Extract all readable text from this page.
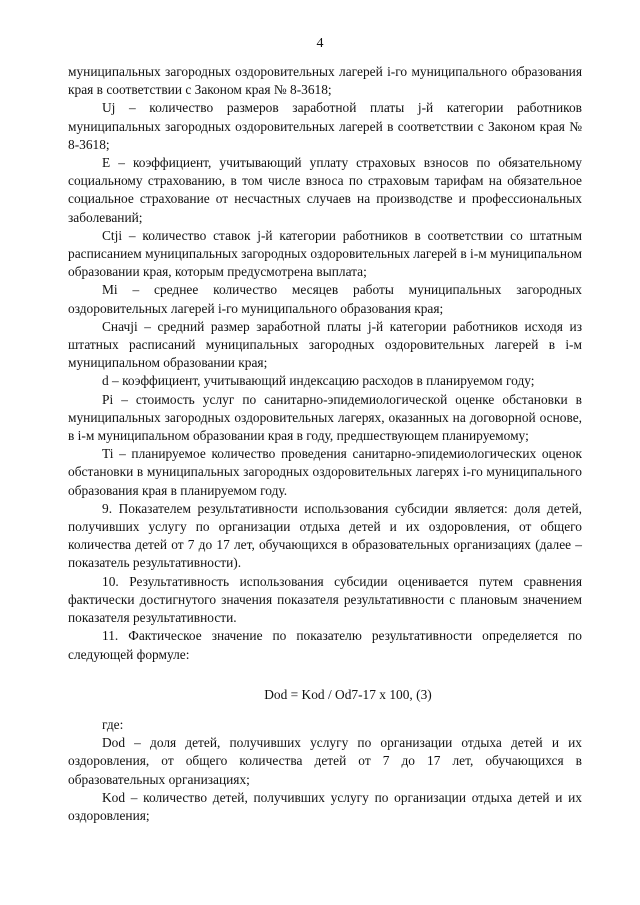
4

муниципальных загородных оздоровительных лагерей i-го муниципального образования края в соответствии с Законом края № 8-3618;

Uj – количество размеров заработной платы j-й категории работников муниципальных загородных оздоровительных лагерей в соответствии с Законом края № 8-3618;

E – коэффициент, учитывающий уплату страховых взносов по обязательному социальному страхованию, в том числе взноса по страховым тарифам на обязательное социальное страхование от несчастных случаев на производстве и профессиональных заболеваний;

Ctji – количество ставок j-й категории работников в соответствии со штатным расписанием муниципальных загородных оздоровительных лагерей в i-м муниципальном образовании края, которым предусмотрена выплата;

Mi – среднее количество месяцев работы муниципальных загородных оздоровительных лагерей i-го муниципального образования края;

Cначji – средний размер заработной платы j-й категории работников исходя из штатных расписаний муниципальных загородных оздоровительных лагерей в i-м муниципальном образовании края;

d – коэффициент, учитывающий индексацию расходов в планируемом году;

Pi – стоимость услуг по санитарно-эпидемиологической оценке обстановки в муниципальных загородных оздоровительных лагерях, оказанных на договорной основе, в i-м муниципальном образовании края в году, предшествующем планируемому;

Ti – планируемое количество проведения санитарно-эпидемиологических оценок обстановки в муниципальных загородных оздоровительных лагерях i-го муниципального образования края в планируемом году.

9. Показателем результативности использования субсидии является: доля детей, получивших услугу по организации отдыха детей и их оздоровления, от общего количества детей от 7 до 17 лет, обучающихся в образовательных организациях (далее – показатель результативности).

10. Результативность использования субсидии оценивается путем сравнения фактически достигнутого значения показателя результативности с плановым значением показателя результативности.

11. Фактическое значение по показателю результативности определяется по следующей формуле:

Dod = Kod / Od7-17 x 100, (3)

где:

Dod – доля детей, получивших услугу по организации отдыха детей и их оздоровления, от общего количества детей от 7 до 17 лет, обучающихся в образовательных организациях;

Kod – количество детей, получивших услугу по организации отдыха детей и их оздоровления;
